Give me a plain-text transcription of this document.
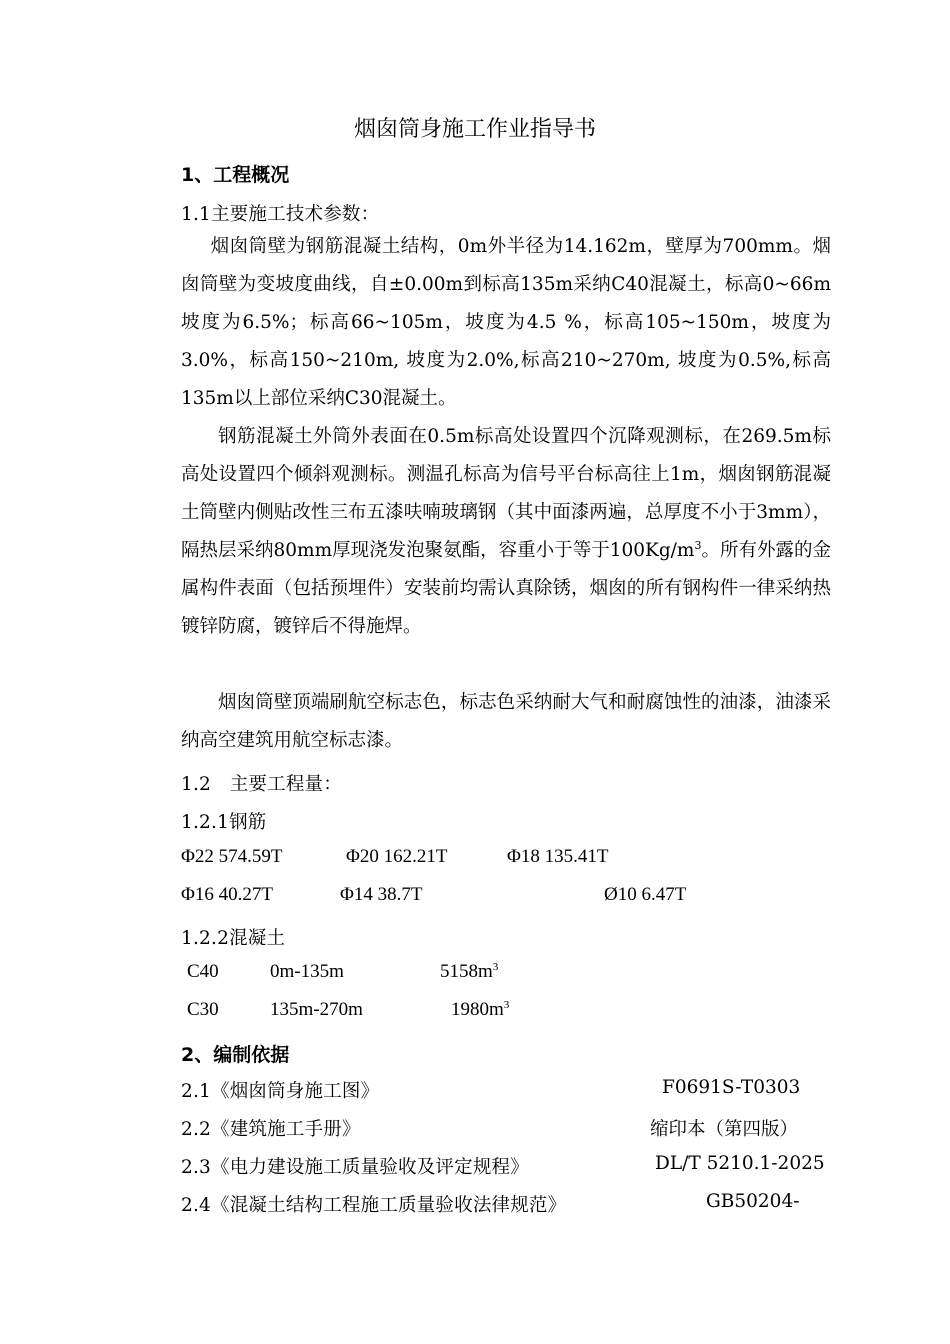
烟囱筒身施工作业指导书
1、工程概况
1.1主要施工技术参数：
烟囱筒壁为钢筋混凝土结构，0m外半径为14.162m，壁厚为700mm。烟囱筒壁为变坡度曲线，自±0.00m到标高135m采纳C40混凝土，标高0~66m坡度为6.5%；标高66~105m，坡度为4.5 %，标高105~150m，坡度为3.0%，标高150~210m, 坡度为2.0%,标高210~270m, 坡度为0.5%,标高135m以上部位采纳C30混凝土。
钢筋混凝土外筒外表面在0.5m标高处设置四个沉降观测标，在269.5m标高处设置四个倾斜观测标。测温孔标高为信号平台标高往上1m，烟囱钢筋混凝土筒壁内侧贴改性三布五漆呋喃玻璃钢（其中面漆两遍，总厚度不小于3mm），隔热层采纳80mm厚现浇发泡聚氨酯，容重小于等于$100Kg/m^3$。所有外露的金属构件表面（包括预埋件）安装前均需认真除锈，烟囱的所有钢构件一律采纳热镀锌防腐，镀锌后不得施焊。
烟囱筒壁顶端刷航空标志色，标志色采纳耐大气和耐腐蚀性的油漆，油漆采纳高空建筑用航空标志漆。
1.2　主要工程量：
1.2.1钢筋
Φ22 574.59T	Φ20 162.21T	Φ18 135.41T
Φ16 40.27T	Φ14 38.7T	Ø10 6.47T
1.2.2混凝土
C40	0m-135m	$5158m^3$
C30	135m-270m	$1980m^3$
2、编制依据
2.1《烟囱筒身施工图》	F0691S-T0303
2.2《建筑施工手册》	缩印本（第四版）
2.3《电力建设施工质量验收及评定规程》	DL/T 5210.1-2025
2.4《混凝土结构工程施工质量验收法律规范》	GB50204-
